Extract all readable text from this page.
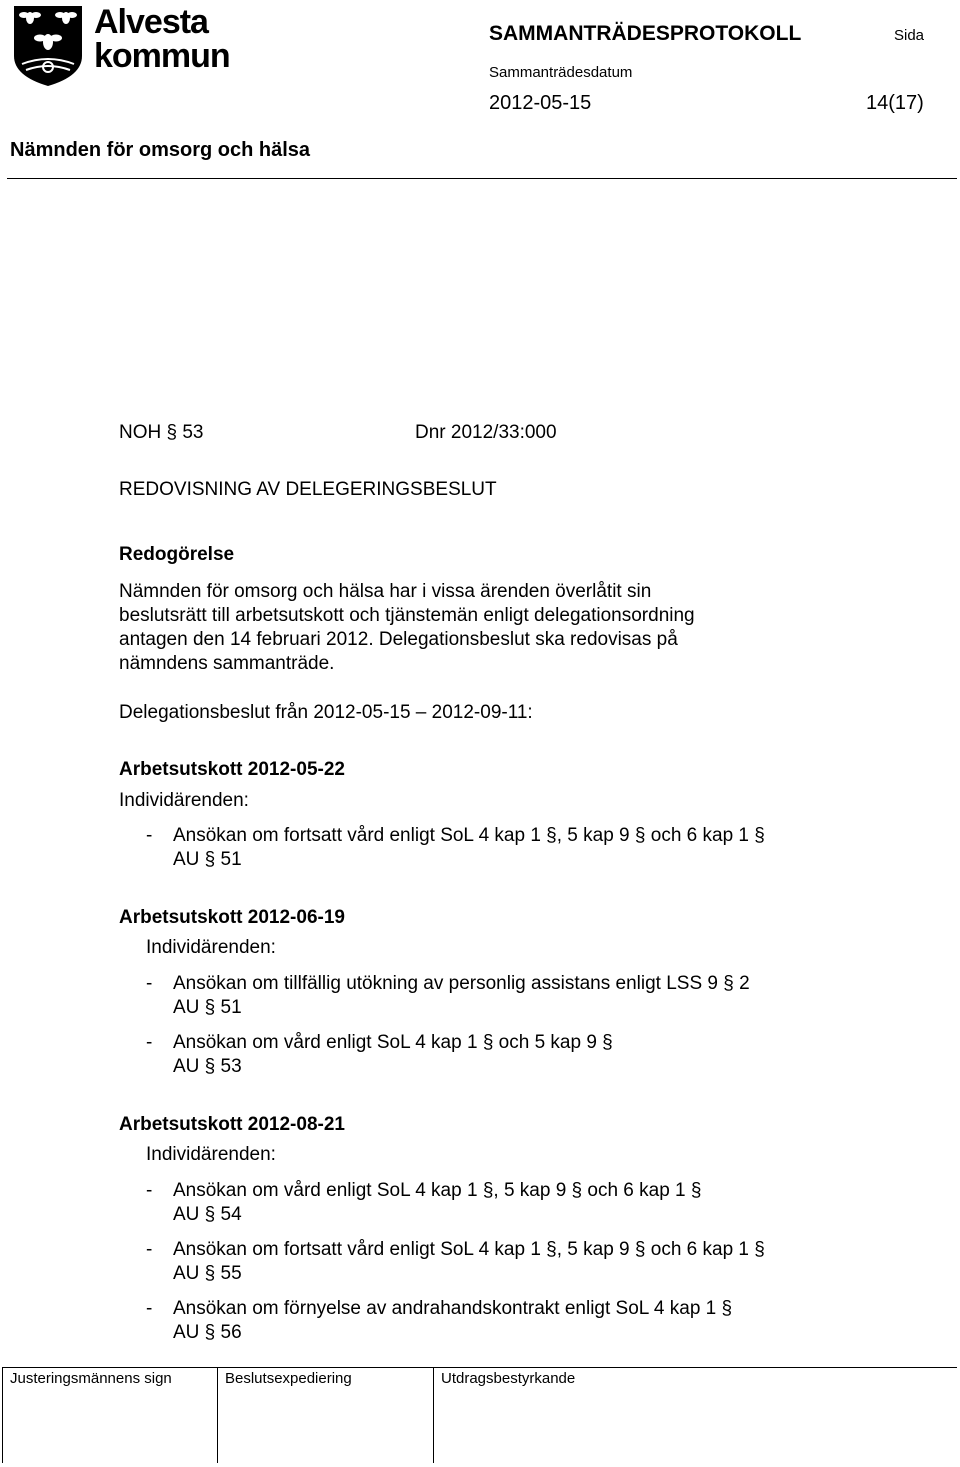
Alvesta
kommun
SAMMANTRÄDESPROTOKOLL	Sida
Sammanträdesdatum
2012-05-15	14(17)
Nämnden för omsorg och hälsa
NOH § 53	Dnr 2012/33:000
REDOVISNING AV DELEGERINGSBESLUT
Redogörelse
Nämnden för omsorg och hälsa har i vissa ärenden överlåtit sin
beslutsrätt till arbetsutskott och tjänstemän enligt delegationsordning
antagen den 14 februari 2012. Delegationsbeslut ska redovisas på
nämndens sammanträde.
Delegationsbeslut från 2012-05-15 – 2012-09-11:
Arbetsutskott 2012-05-22
Individärenden:
- Ansökan om fortsatt vård enligt SoL 4 kap 1 §, 5 kap 9 § och 6 kap 1 §
AU § 51
Arbetsutskott 2012-06-19
Individärenden:
- Ansökan om tillfällig utökning av personlig assistans enligt LSS 9 § 2
AU § 51
- Ansökan om vård enligt SoL 4 kap 1 § och 5 kap 9 §
AU § 53
Arbetsutskott 2012-08-21
Individärenden:
- Ansökan om vård enligt SoL 4 kap 1 §, 5 kap 9 § och 6 kap 1 §
AU § 54
- Ansökan om fortsatt vård enligt SoL 4 kap 1 §, 5 kap 9 § och 6 kap 1 §
AU § 55
- Ansökan om förnyelse av andrahandskontrakt enligt SoL 4 kap 1 §
AU § 56
Justeringsmännens sign	Beslutsexpediering	Utdragsbestyrkande
